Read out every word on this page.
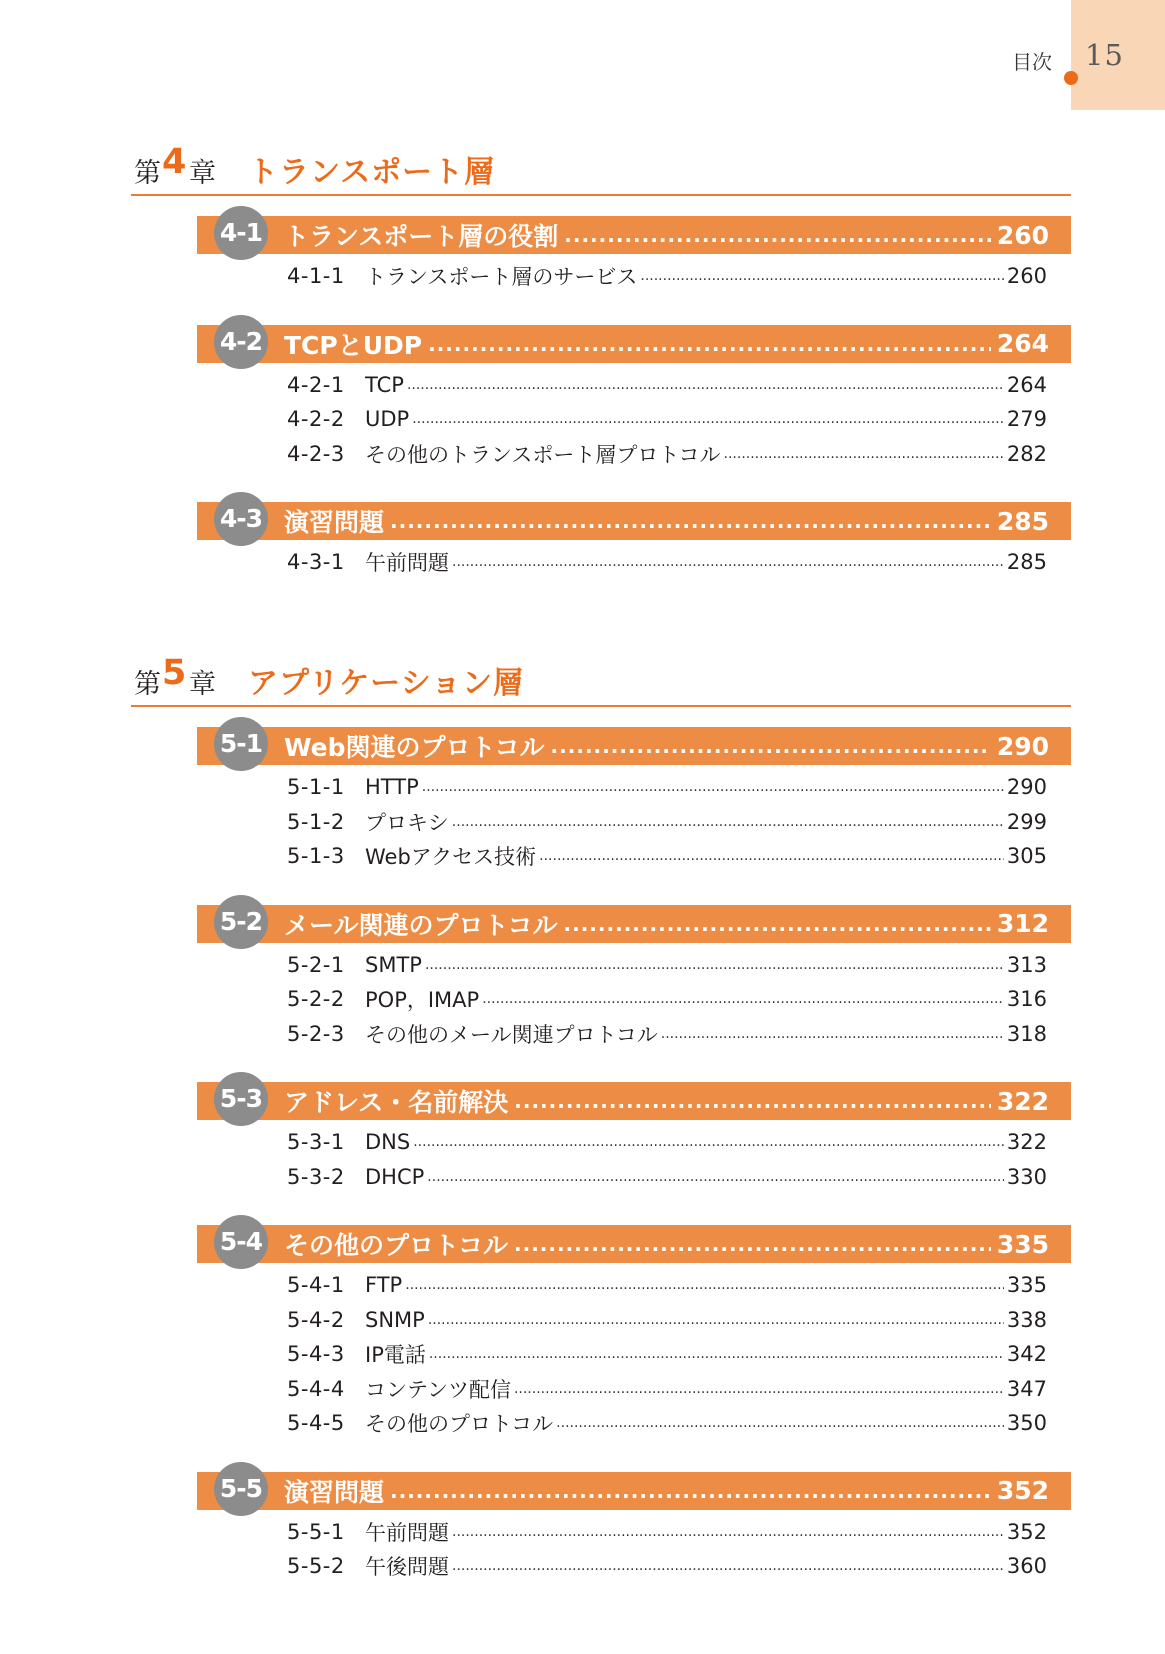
目次 15
第 4 章 トランスポート層
4-1 トランスポート層の役割 .....	260
4-1-1 トランスポート層のサービス .....	260
4-2 TCPとUDP .....	264
4-2-1 TCP .....	264
4-2-2 UDP .....	279
4-2-3 その他のトランスポート層プロトコル .....	282
4-3 演習問題 .....	285
4-3-1 午前問題 .....	285
第 5 章 アプリケーション層
5-1 Web関連のプロトコル .....	290
5-1-1 HTTP .....	290
5-1-2 プロキシ .....	299
5-1-3 Webアクセス技術 .....	305
5-2 メール関連のプロトコル .....	312
5-2-1 SMTP .....	313
5-2-2 POP，IMAP .....	316
5-2-3 その他のメール関連プロトコル .....	318
5-3 アドレス・名前解決 .....	322
5-3-1 DNS .....	322
5-3-2 DHCP .....	330
5-4 その他のプロトコル .....	335
5-4-1 FTP .....	335
5-4-2 SNMP .....	338
5-4-3 IP電話 .....	342
5-4-4 コンテンツ配信 .....	347
5-4-5 その他のプロトコル .....	350
5-5 演習問題 .....	352
5-5-1 午前問題 .....	352
5-5-2 午後問題 .....	360
